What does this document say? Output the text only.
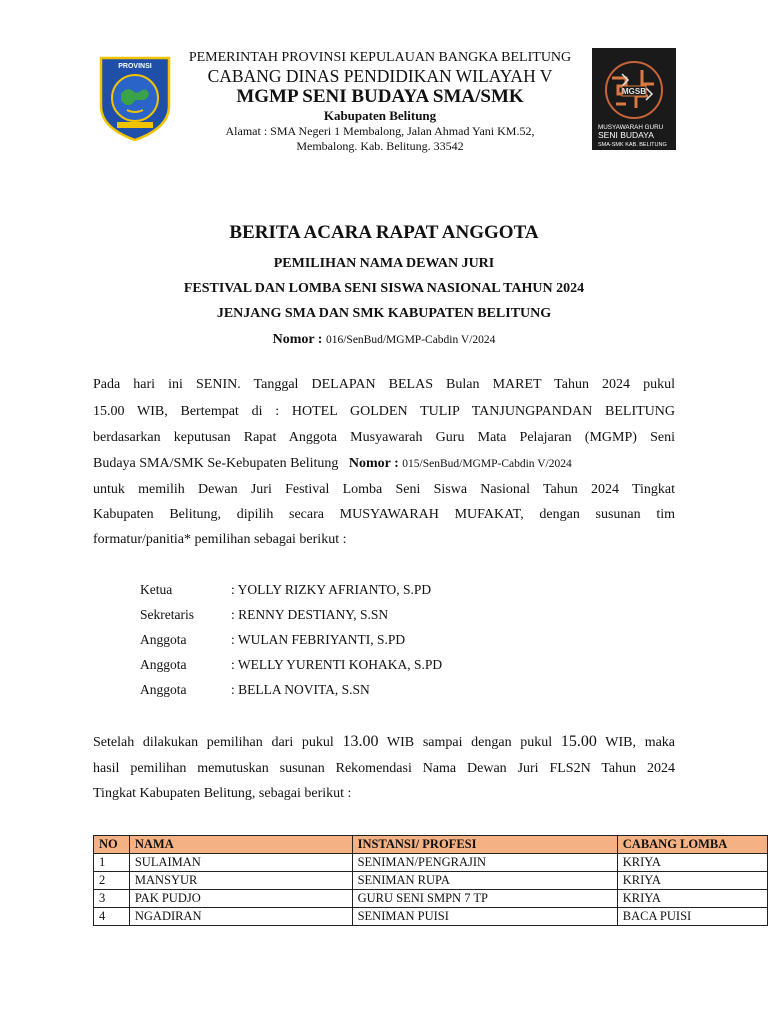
PROVINSI
MGSB
MUSYAWARAH GURU
SENI BUDAYA
SMA-SMK KAB. BELITUNG
PEMERINTAH PROVINSI KEPULAUAN BANGKA BELITUNG
CABANG DINAS PENDIDIKAN WILAYAH V
MGMP SENI BUDAYA SMA/SMK
Kabupaten Belitung
Alamat : SMA Negeri 1 Membalong, Jalan Ahmad Yani KM.52,
Membalong. Kab. Belitung. 33542
BERITA ACARA RAPAT ANGGOTA
PEMILIHAN NAMA DEWAN JURI
FESTIVAL DAN LOMBA SENI SISWA NASIONAL TAHUN 2024
JENJANG SMA DAN SMK KABUPATEN BELITUNG
Nomor : 016/SenBud/MGMP-Cabdin V/2024
Pada hari ini SENIN. Tanggal DELAPAN BELAS Bulan MARET Tahun 2024 pukul
15.00 WIB, Bertempat di : HOTEL GOLDEN TULIP TANJUNGPANDAN BELITUNG
berdasarkan keputusan Rapat Anggota Musyawarah Guru Mata Pelajaran (MGMP) Seni
Budaya SMA/SMK Se-Kebupaten Belitung Nomor : 015/SenBud/MGMP-Cabdin V/2024
untuk memilih Dewan Juri Festival Lomba Seni Siswa Nasional Tahun 2024 Tingkat
Kabupaten Belitung, dipilih secara MUSYAWARAH MUFAKAT, dengan susunan tim
formatur/panitia* pemilihan sebagai berikut :
Ketua	: YOLLY RIZKY AFRIANTO, S.PD
Sekretaris	: RENNY DESTIANY, S.SN
Anggota	: WULAN FEBRIYANTI, S.PD
Anggota	: WELLY YURENTI KOHAKA, S.PD
Anggota	: BELLA NOVITA, S.SN
Setelah dilakukan pemilihan dari pukul 13.00 WIB sampai dengan pukul 15.00 WIB, maka
hasil pemilihan memutuskan susunan Rekomendasi Nama Dewan Juri FLS2N Tahun 2024
Tingkat Kabupaten Belitung, sebagai berikut :
NO	NAMA	INSTANSI/ PROFESI	CABANG LOMBA
1	SULAIMAN	SENIMAN/PENGRAJIN	KRIYA
2	MANSYUR	SENIMAN RUPA	KRIYA
3	PAK PUDJO	GURU SENI SMPN 7 TP	KRIYA
4	NGADIRAN	SENIMAN PUISI	BACA PUISI
